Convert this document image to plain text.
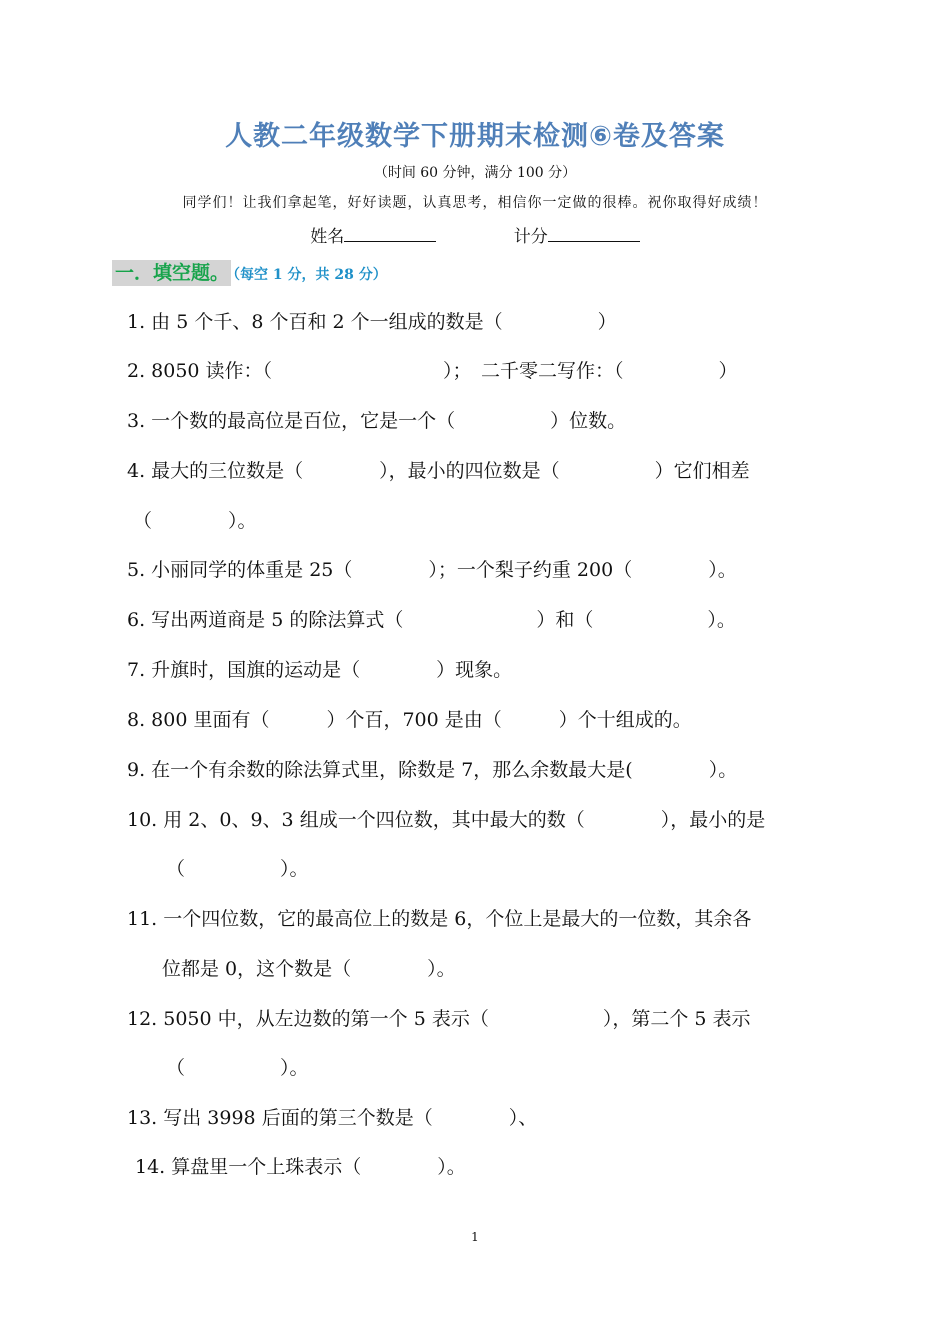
人教二年级数学下册期末检测⑥卷及答案
（时间 60 分钟，满分 100 分）
同学们！让我们拿起笔，好好读题，认真思考，相信你一定做的很棒。祝你取得好成绩！
姓名	计分
一．填空题。 （每空 1 分，共 28 分）
1. 由 5 个千、8 个百和 2 个一组成的数是（　　　　　）
2. 8050 读作：（　　　　　　　　　）；　二千零二写作：（　　　　　）
3. 一个数的最高位是百位，它是一个（　　　　　）位数。
4. 最大的三位数是（　　　　），最小的四位数是（　　　　　）它们相差
（　　　　）。
5. 小丽同学的体重是 25（　　　　）；一个梨子约重 200（　　　　）。
6. 写出两道商是 5 的除法算式（　　　　　　　）和（　　　　　　）。
7. 升旗时，国旗的运动是（　　　　）现象。
8. 800 里面有（　　　）个百，700 是由（　　　）个十组成的。
9. 在一个有余数的除法算式里，除数是 7，那么余数最大是(　　　　）。
10. 用 2、0、9、3 组成一个四位数，其中最大的数（　　　　），最小的是
（　　　　　）。
11. 一个四位数，它的最高位上的数是 6，个位上是最大的一位数，其余各
位都是 0，这个数是（　　　　）。
12. 5050 中，从左边数的第一个 5 表示（　　　　　　），第二个 5 表示
（　　　　　）。
13. 写出 3998 后面的第三个数是（　　　　）、
14. 算盘里一个上珠表示（　　　　）。
1
